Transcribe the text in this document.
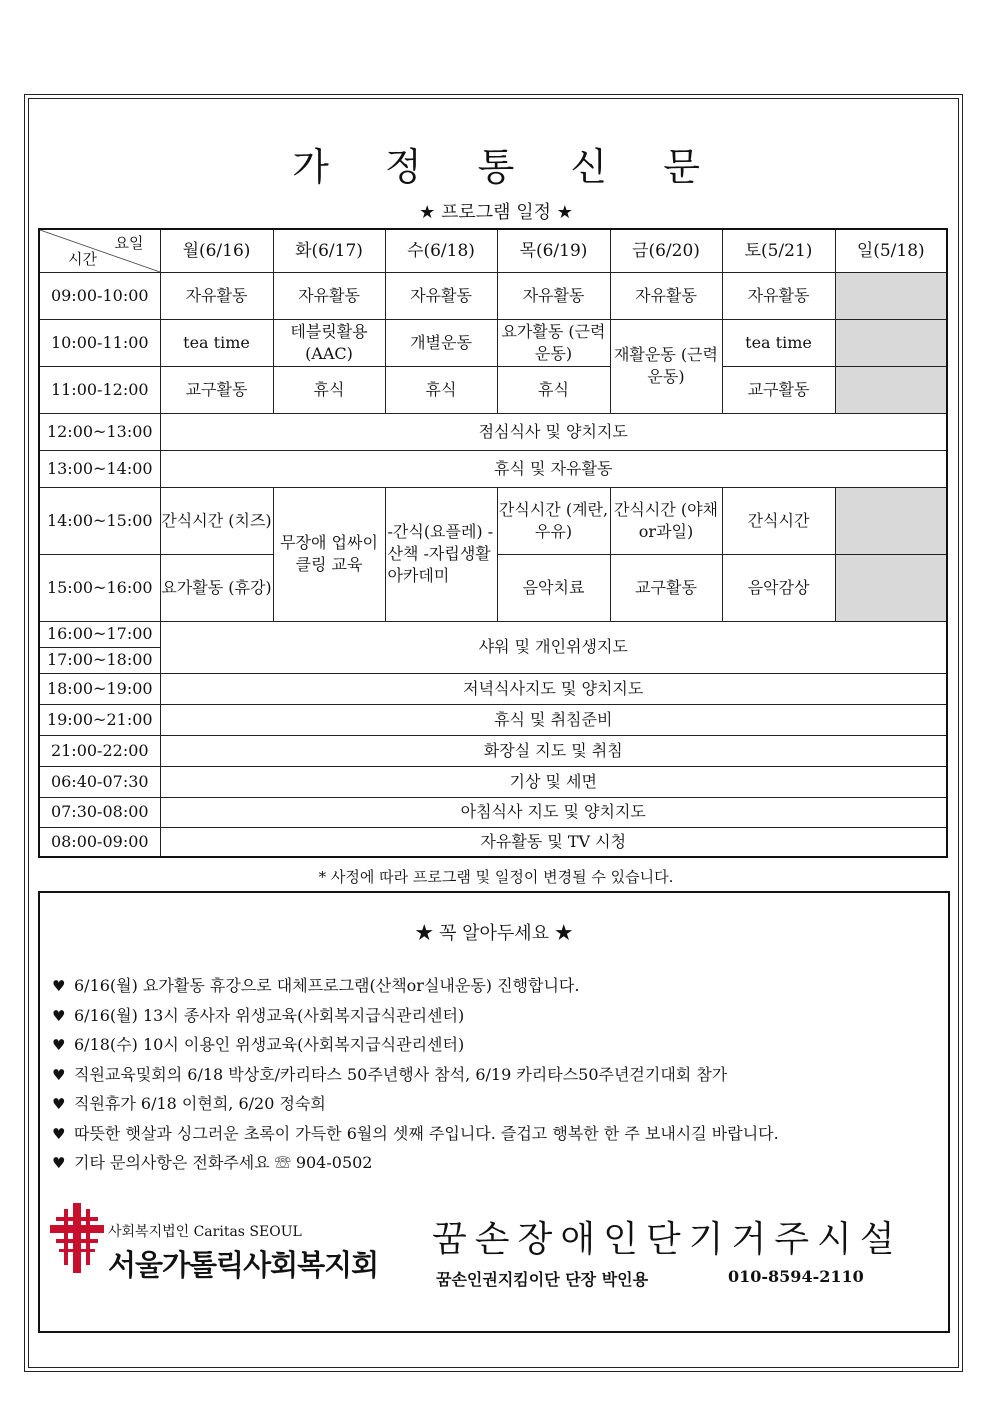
가 정 통 신 문
★ 프로그램 일정 ★
요일
시간	월(6/16)	화(6/17)	수(6/18)	목(6/19)	금(6/20)	토(5/21)	일(5/18)
09:00-10:00	자유활동	자유활동	자유활동	자유활동	자유활동	자유활동	
10:00-11:00	tea time	테블릿활용 (AAC)	개별운동	요가활동 (근력운동)	재활운동 (근력운동)	tea time	
11:00-12:00	교구활동	휴식	휴식	휴식		교구활동	
12:00~13:00	점심식사 및 양치지도						
13:00~14:00	휴식 및 자유활동						
14:00~15:00	간식시간 (치즈)	무장애 업싸이클링 교육	-간식(요플레) -산책 -자립생활아카데미	간식시간 (계란,우유)	간식시간 (야채or과일)	간식시간	
15:00~16:00	요가활동 (휴강)			음악치료	교구활동	음악감상	
16:00~17:00	샤워 및 개인위생지도						
17:00~18:00							
18:00~19:00	저녁식사지도 및 양치지도						
19:00~21:00	휴식 및 취침준비						
21:00-22:00	화장실 지도 및 취침						
06:40-07:30	기상 및 세면						
07:30-08:00	아침식사 지도 및 양치지도						
08:00-09:00	자유활동 및 TV 시청						
* 사정에 따라 프로그램 및 일정이 변경될 수 있습니다.
★ 꼭 알아두세요 ★
♥ 6/16(월) 요가활동 휴강으로 대체프로그램(산책or실내운동) 진행합니다.
♥ 6/16(월) 13시 종사자 위생교육(사회복지급식관리센터)
♥ 6/18(수) 10시 이용인 위생교육(사회복지급식관리센터)
♥ 직원교육및회의 6/18 박상호/카리타스 50주년행사 참석, 6/19 카리타스50주년걷기대회 참가
♥ 직원휴가 6/18 이현희, 6/20 정숙희
♥ 따뜻한 햇살과 싱그러운 초록이 가득한 6월의 셋째 주입니다. 즐겁고 행복한 한 주 보내시길 바랍니다.
♥ 기타 문의사항은 전화주세요 ☏ 904-0502
사회복지법인 Caritas SEOUL
서울가톨릭사회복지회
꿈손장애인단기거주시설
꿈손인권지킴이단 단장 박인용	010-8594-2110
